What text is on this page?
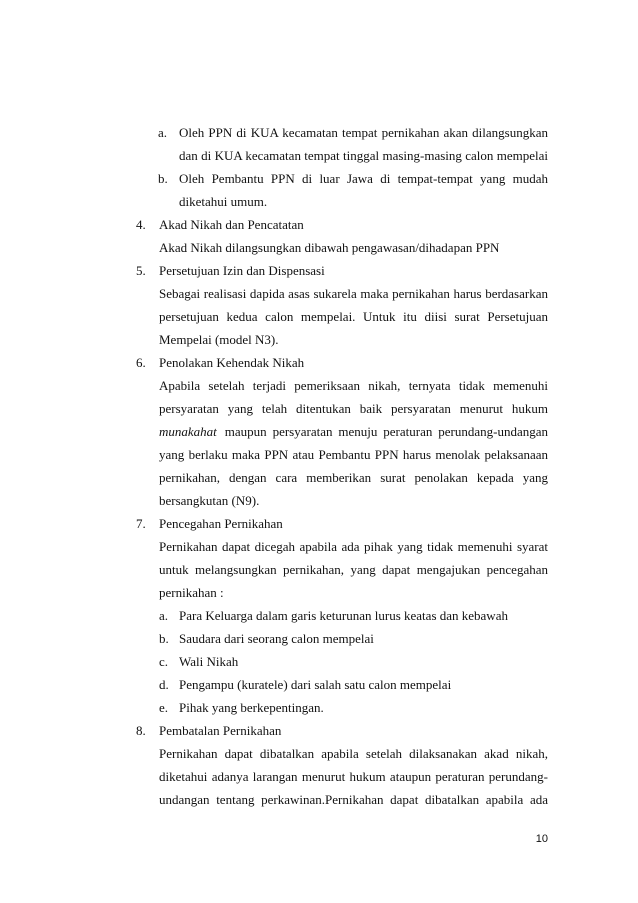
a. Oleh PPN di KUA kecamatan tempat pernikahan akan dilangsungkan
dan di KUA kecamatan tempat tinggal masing-masing calon mempelai
b. Oleh Pembantu PPN di luar Jawa di tempat-tempat yang mudah
diketahui umum.
4. Akad Nikah dan Pencatatan
Akad Nikah dilangsungkan dibawah pengawasan/dihadapan PPN
5. Persetujuan Izin dan Dispensasi
Sebagai realisasi dapida asas sukarela maka pernikahan harus berdasarkan
persetujuan kedua calon mempelai. Untuk itu diisi surat Persetujuan
Mempelai (model N3).
6. Penolakan Kehendak Nikah
Apabila setelah terjadi pemeriksaan nikah, ternyata tidak memenuhi
persyaratan yang telah ditentukan baik persyaratan menurut hukum
munakahat maupun persyaratan menuju peraturan perundang-undangan
yang berlaku maka PPN atau Pembantu PPN harus menolak pelaksanaan
pernikahan, dengan cara memberikan surat penolakan kepada yang
bersangkutan (N9).
7. Pencegahan Pernikahan
Pernikahan dapat dicegah apabila ada pihak yang tidak memenuhi syarat
untuk melangsungkan pernikahan, yang dapat mengajukan pencegahan
pernikahan :
a. Para Keluarga dalam garis keturunan lurus keatas dan kebawah
b. Saudara dari seorang calon mempelai
c. Wali Nikah
d. Pengampu (kuratele) dari salah satu calon mempelai
e. Pihak yang berkepentingan.
8. Pembatalan Pernikahan
Pernikahan dapat dibatalkan apabila setelah dilaksanakan akad nikah,
diketahui adanya larangan menurut hukum ataupun peraturan perundang-
undangan tentang perkawinan.Pernikahan dapat dibatalkan apabila ada
10
